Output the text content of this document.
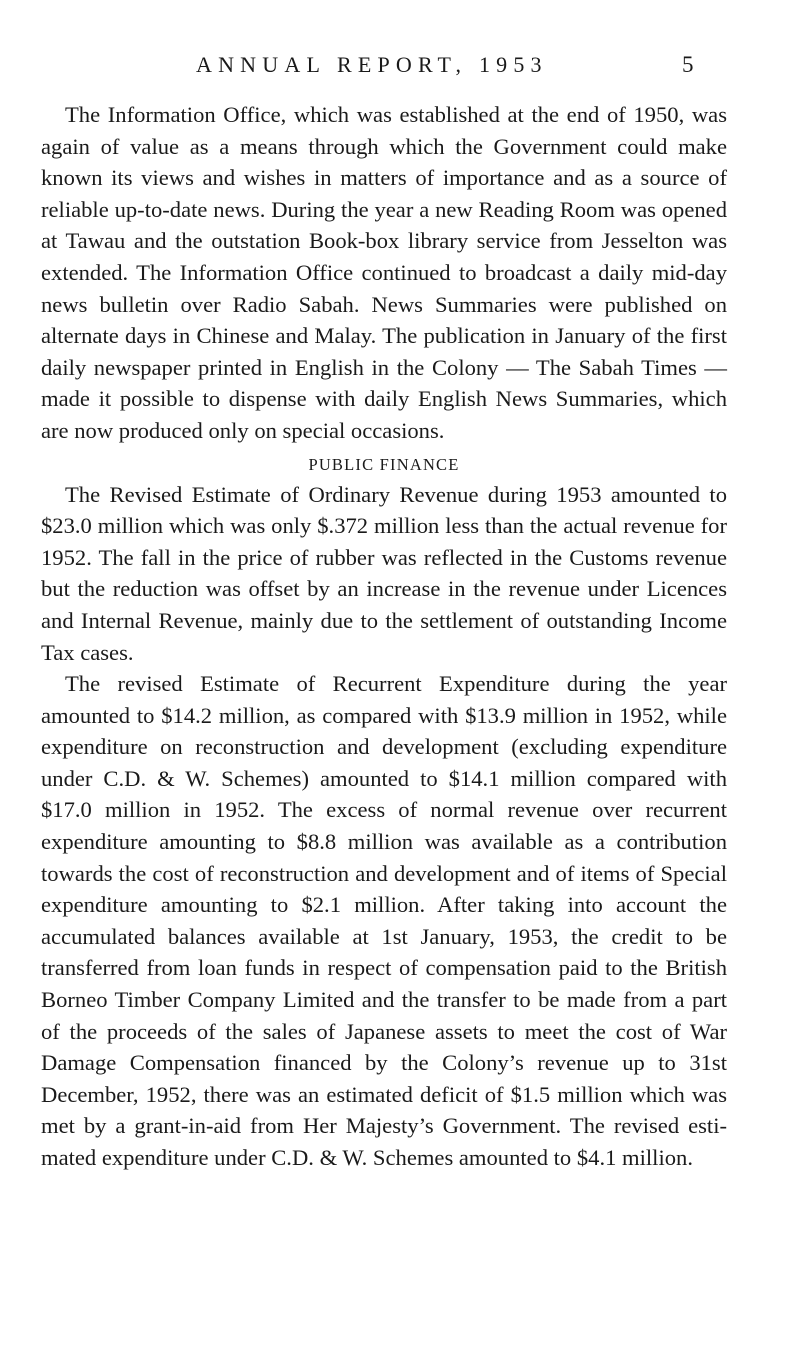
ANNUAL REPORT, 1953	5

The Information Office, which was established at the end of 1950, was again of value as a means through which the Government could make known its views and wishes in matters of importance and as a source of reliable up-to-date news. During the year a new Reading Room was opened at Tawau and the outstation Book-box library service from Jesselton was extended. The Information Office continued to broadcast a daily mid-day news bulletin over Radio Sabah. News Summaries were published on alternate days in Chinese and Malay. The publication in January of the first daily newspaper printed in English in the Colony — The Sabah Times — made it possible to dispense with daily English News Summaries, which are now produced only on special occasions.

PUBLIC FINANCE

The Revised Estimate of Ordinary Revenue during 1953 amounted to $23.0 million which was only $.372 million less than the actual revenue for 1952. The fall in the price of rubber was reflected in the Customs revenue but the reduction was offset by an increase in the revenue under Licences and Internal Revenue, mainly due to the settlement of outstanding Income Tax cases.

The revised Estimate of Recurrent Expenditure during the year amounted to $14.2 million, as compared with $13.9 million in 1952, while expenditure on reconstruction and development (excluding expenditure under C.D. & W. Schemes) amounted to $14.1 million compared with $17.0 million in 1952. The excess of normal revenue over recurrent expenditure amounting to $8.8 million was available as a contribution towards the cost of reconstruction and development and of items of Special expenditure amounting to $2.1 million. After taking into account the accumulated balances available at 1st January, 1953, the credit to be transferred from loan funds in respect of compensation paid to the British Borneo Timber Company Limited and the transfer to be made from a part of the proceeds of the sales of Japanese assets to meet the cost of War Damage Compensation financed by the Colony’s revenue up to 31st December, 1952, there was an estimated deficit of $1.5 million which was met by a grant-in-aid from Her Majesty’s Government. The revised estimated expenditure under C.D. & W. Schemes amounted to $4.1 million.
